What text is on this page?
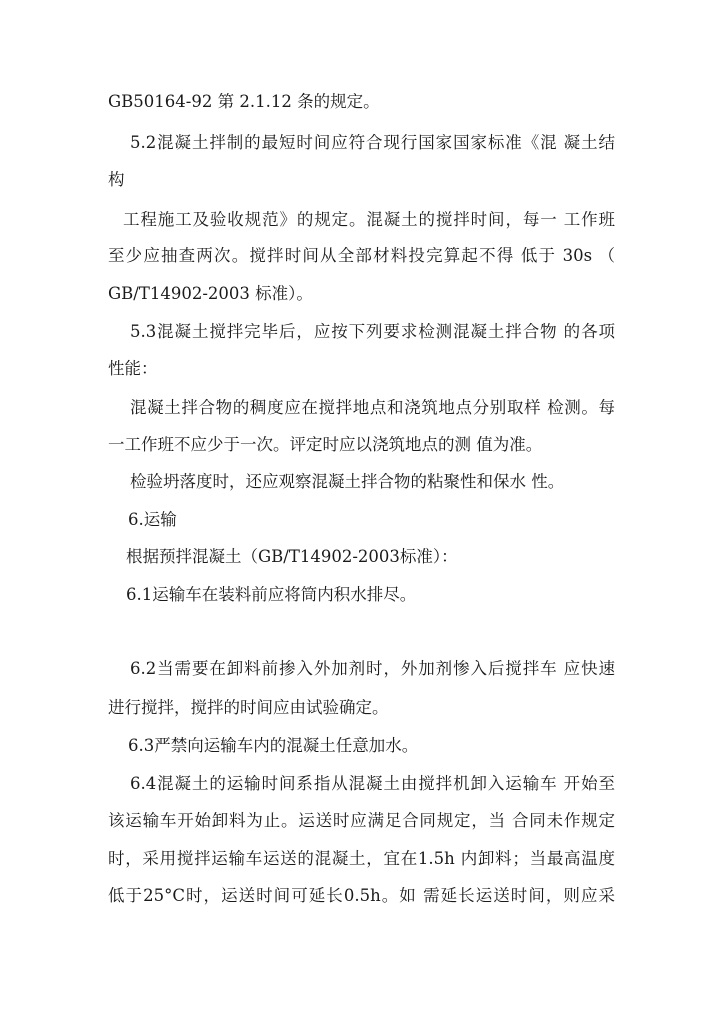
GB50164-92 第 2.1.12 条的规定。
5.2混凝土拌制的最短时间应符合现行国家国家标准《混 凝土结
构
工程施工及验收规范》的规定。混凝土的搅拌时间，每一 工作班
至少应抽查两次。搅拌时间从全部材料投完算起不得 低于 30s （
GB/T14902-2003 标准）。
5.3混凝土搅拌完毕后，应按下列要求检测混凝土拌合物 的各项
性能：
混凝土拌合物的稠度应在搅拌地点和浇筑地点分别取样 检测。每
一工作班不应少于一次。评定时应以浇筑地点的测 值为准。
检验坍落度时，还应观察混凝土拌合物的粘聚性和保水 性。
6.运输
根据预拌混凝土（GB/T14902-2003标准）：
6.1运输车在装料前应将筒内积水排尽。
6.2当需要在卸料前掺入外加剂时，外加剂惨入后搅拌车 应快速
进行搅拌，搅拌的时间应由试验确定。
6.3严禁向运输车内的混凝土任意加水。
6.4混凝土的运输时间系指从混凝土由搅拌机卸入运输车 开始至
该运输车开始卸料为止。运送时应满足合同规定，当 合同未作规定
时，采用搅拌运输车运送的混凝土，宜在1.5h 内卸料；当最高温度
低于25°C时，运送时间可延长0.5h。如 需延长运送时间，则应采
